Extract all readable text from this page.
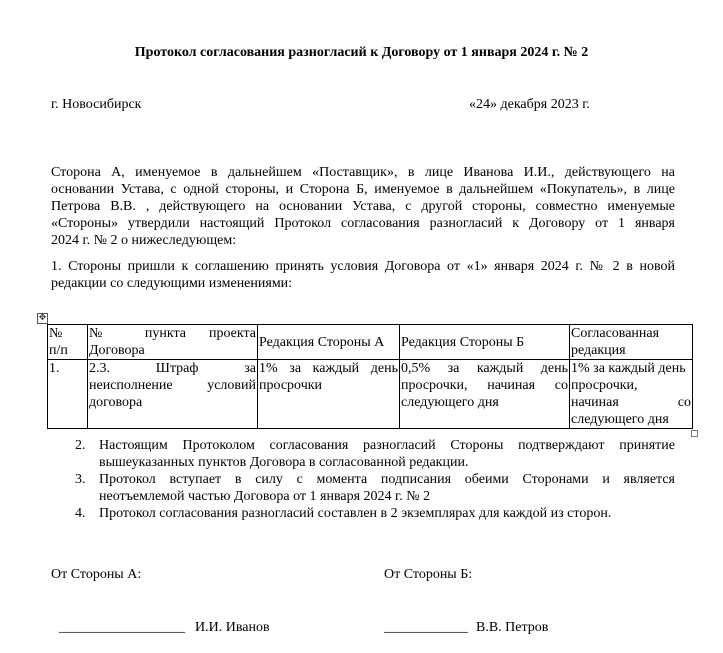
Протокол согласования разногласий к Договору от 1 января 2024 г. № 2
г. Новосибирск	«24» декабря 2023 г.
Сторона А, именуемое в дальнейшем «Поставщик», в лице Иванова И.И., действующего на
основании Устава, с одной стороны, и Сторона Б, именуемое в дальнейшем «Покупатель», в лице
Петрова В.В. , действующего на основании Устава, с другой стороны, совместно именуемые
«Стороны» утвердили настоящий Протокол согласования разногласий к Договору от 1 января
2024 г. № 2 о нижеследующем:
1. Стороны пришли к соглашению принять условия Договора от «1» января 2024 г. № 2 в новой
редакции со следующими изменениями:
✥
№
п/п	№ пункта проекта
Договора	Редакция Стороны А	Редакция Стороны Б	Согласованная
редакция

1.	2.3. Штраф за
неисполнение условий
договора	1% за каждый день
просрочки	0,5% за каждый день
просрочки, начиная со
следующего дня	1% за каждый день
просрочки,
начиная со
следующего дня
2. Настоящим Протоколом согласования разногласий Стороны подтверждают принятие
вышеуказанных пунктов Договора в согласованной редакции.
3. Протокол вступает в силу с момента подписания обеими Сторонами и является
неотъемлемой частью Договора от 1 января 2024 г. № 2
4. Протокол согласования разногласий составлен в 2 экземплярах для каждой из сторон.
От Стороны А:	От Стороны Б:
__________________ И.И. Иванов	____________ В.В. Петров
